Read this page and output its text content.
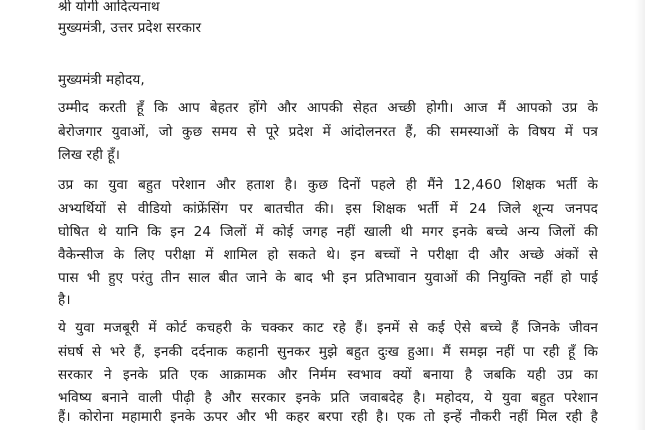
श्री योगी आदित्यनाथ
मुख्यमंत्री, उत्तर प्रदेश सरकार
मुख्यमंत्री महोदय,
उम्मीद करती हूँ कि आप बेहतर होंगे और आपकी सेहत अच्छी होगी। आज मैं आपको उप्र के
बेरोजगार युवाओं, जो कुछ समय से पूरे प्रदेश में आंदोलनरत हैं, की समस्याओं के विषय में पत्र
लिख रही हूँ।
उप्र का युवा बहुत परेशान और हताश है। कुछ दिनों पहले ही मैंने 12,460 शिक्षक भर्ती के
अभ्यर्थियों से वीडियो कांफ्रेंसिंग पर बातचीत की। इस शिक्षक भर्ती में 24 जिले शून्य जनपद
घोषित थे यानि कि इन 24 जिलों में कोई जगह नहीं खाली थी मगर इनके बच्चे अन्य जिलों की
वैकेन्सीज के लिए परीक्षा में शामिल हो सकते थे। इन बच्चों ने परीक्षा दी और अच्छे अंकों से
पास भी हुए परंतु तीन साल बीत जाने के बाद भी इन प्रतिभावान युवाओं की नियुक्ति नहीं हो पाई
है।
ये युवा मजबूरी में कोर्ट कचहरी के चक्कर काट रहे हैं। इनमें से कई ऐसे बच्चे हैं जिनके जीवन
संघर्ष से भरे हैं, इनकी दर्दनाक कहानी सुनकर मुझे बहुत दुःख हुआ। मैं समझ नहीं पा रही हूँ कि
सरकार ने इनके प्रति एक आक्रामक और निर्मम स्वभाव क्यों बनाया है जबकि यही उप्र का
भविष्य बनाने वाली पीढ़ी है और सरकार इनके प्रति जवाबदेह है। महोदय, ये युवा बहुत परेशान
हैं। कोरोना महामारी इनके ऊपर और भी कहर बरपा रही है। एक तो इन्हें नौकरी नहीं मिल रही है
